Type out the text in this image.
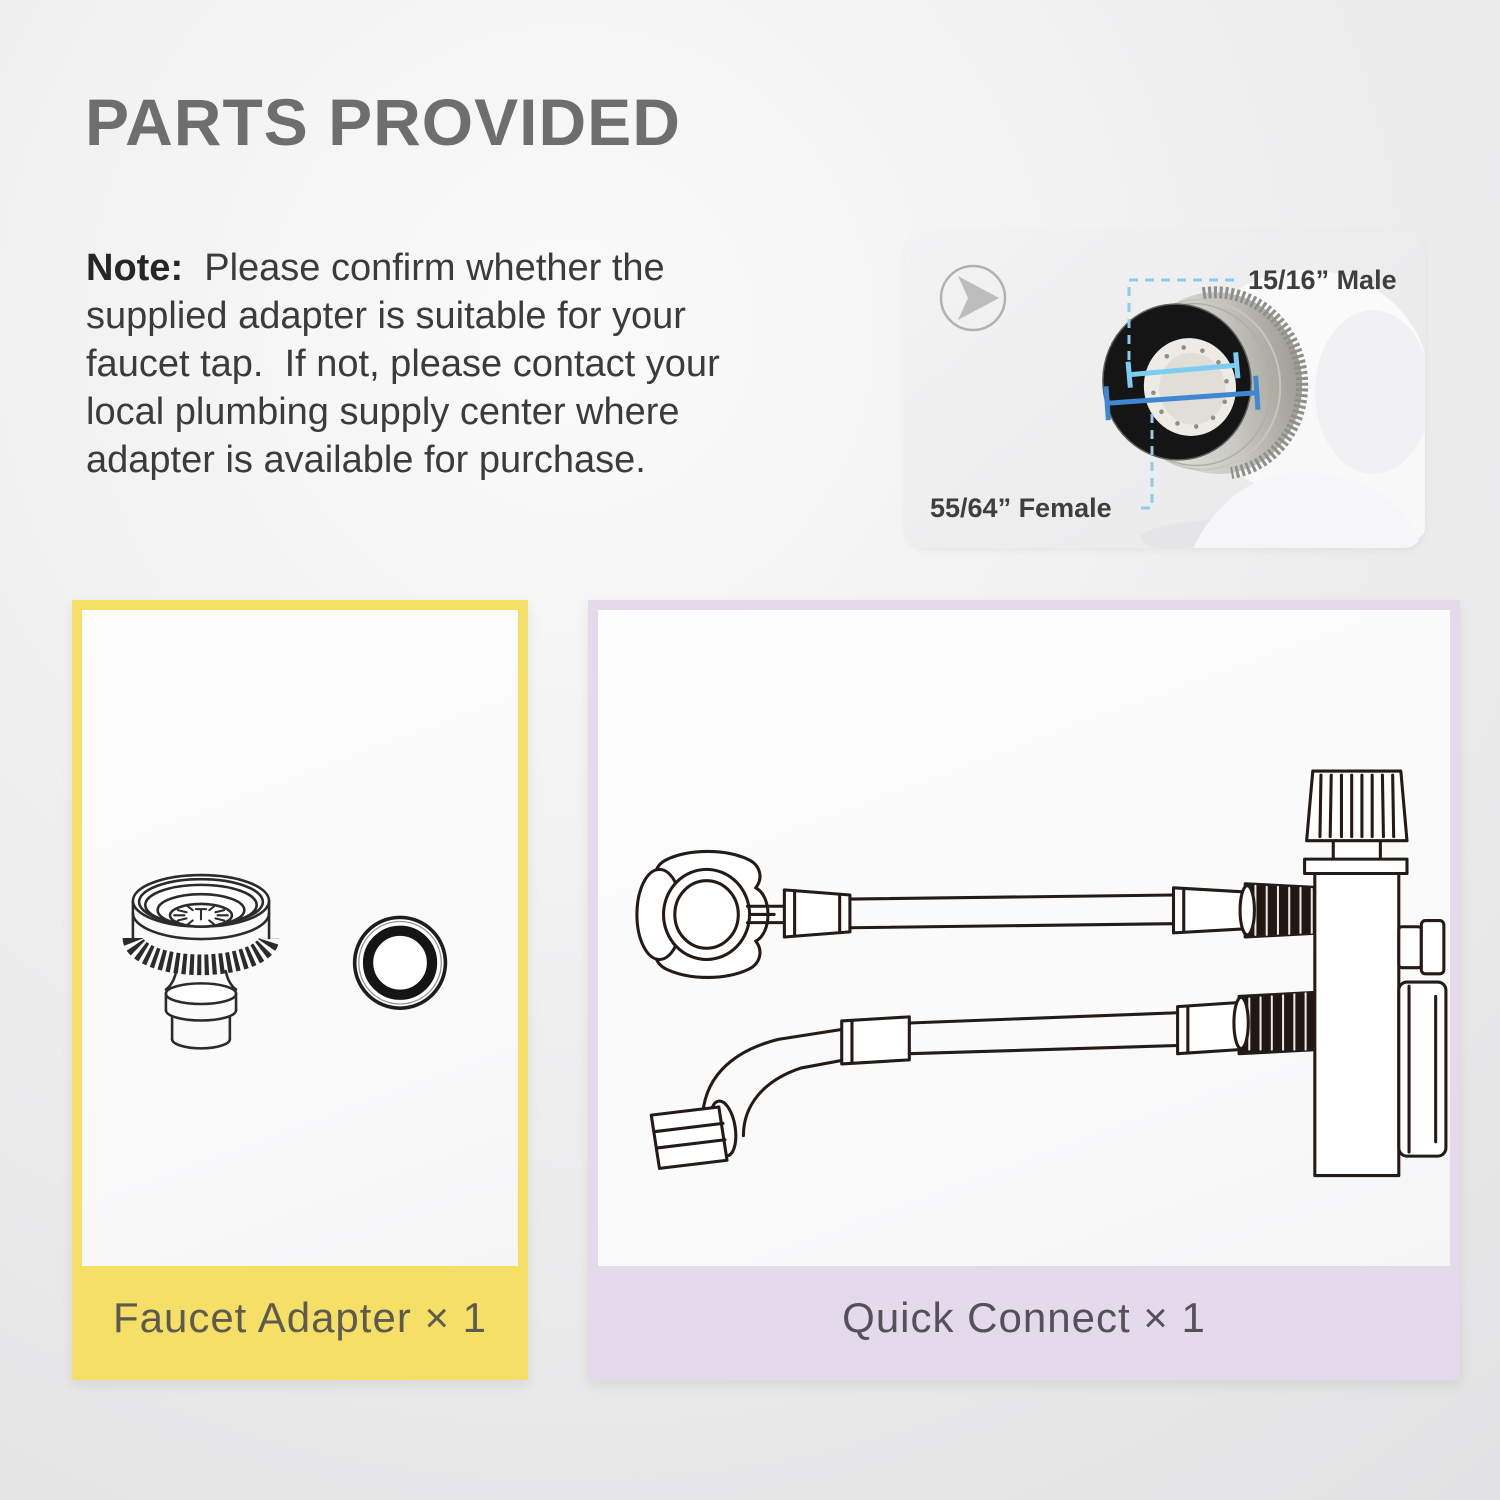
PARTS PROVIDED
Note:  Please confirm whether the
supplied adapter is suitable for your
faucet tap.  If not, please contact your
local plumbing supply center where
adapter is available for purchase.
15/16” Male
55/64” Female
Faucet Adapter × 1	Quick Connect × 1
